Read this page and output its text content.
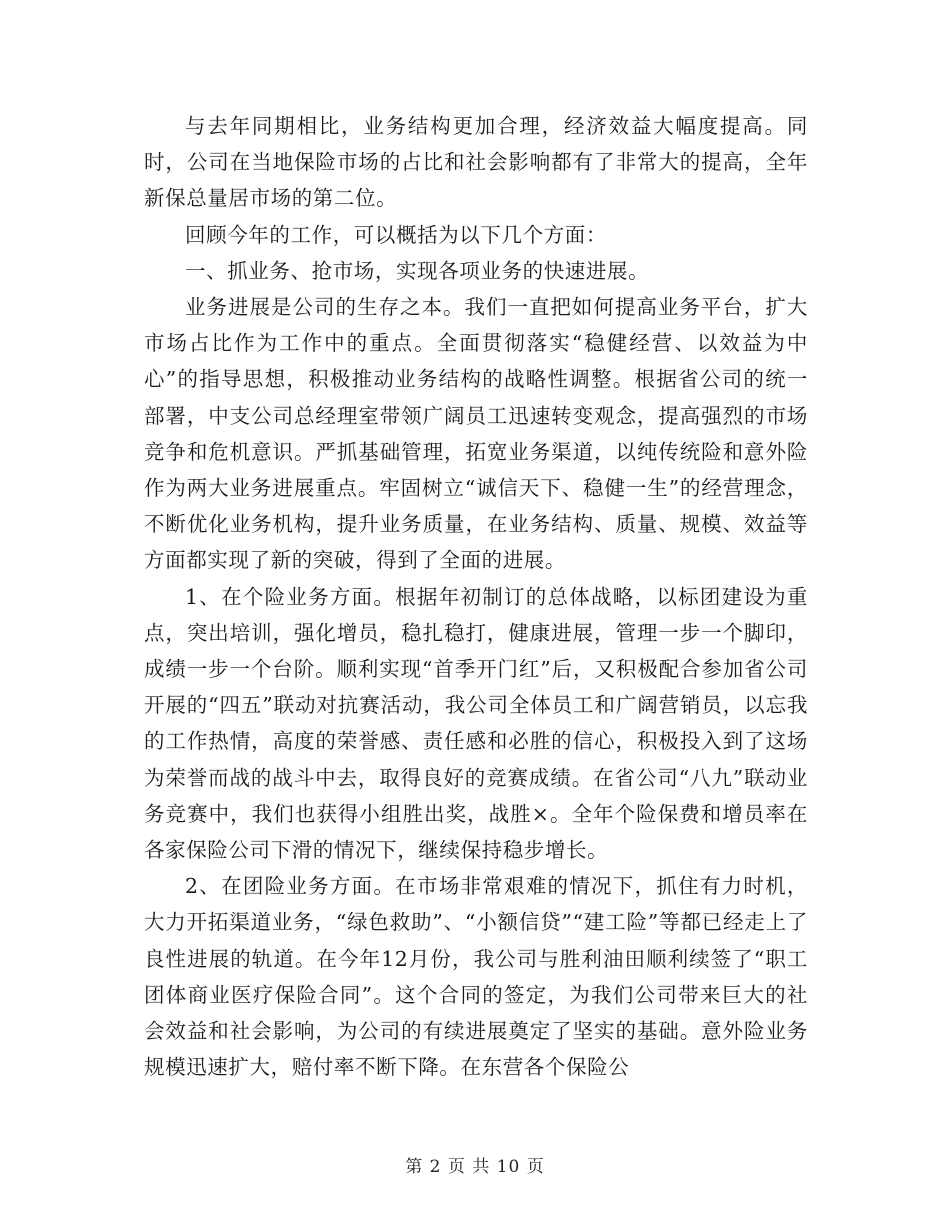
与去年同期相比，业务结构更加合理，经济效益大幅度提高。同时，公司在当地保险市场的占比和社会影响都有了非常大的提高，全年新保总量居市场的第二位。

回顾今年的工作，可以概括为以下几个方面：

一、抓业务、抢市场，实现各项业务的快速进展。

业务进展是公司的生存之本。我们一直把如何提高业务平台，扩大市场占比作为工作中的重点。全面贯彻落实“稳健经营、以效益为中心”的指导思想，积极推动业务结构的战略性调整。根据省公司的统一部署，中支公司总经理室带领广阔员工迅速转变观念，提高强烈的市场竞争和危机意识。严抓基础管理，拓宽业务渠道，以纯传统险和意外险作为两大业务进展重点。牢固树立“诚信天下、稳健一生”的经营理念，不断优化业务机构，提升业务质量，在业务结构、质量、规模、效益等方面都实现了新的突破，得到了全面的进展。

1、在个险业务方面。根据年初制订的总体战略，以标团建设为重点，突出培训，强化增员，稳扎稳打，健康进展，管理一步一个脚印，成绩一步一个台阶。顺利实现“首季开门红”后，又积极配合参加省公司开展的“四五”联动对抗赛活动，我公司全体员工和广阔营销员，以忘我的工作热情，高度的荣誉感、责任感和必胜的信心，积极投入到了这场为荣誉而战的战斗中去，取得良好的竞赛成绩。在省公司“八九”联动业务竞赛中，我们也获得小组胜出奖，战胜×。全年个险保费和增员率在各家保险公司下滑的情况下，继续保持稳步增长。

2、在团险业务方面。在市场非常艰难的情况下，抓住有力时机，大力开拓渠道业务，“绿色救助”、“小额信贷”“建工险”等都已经走上了良性进展的轨道。在今年12月份，我公司与胜利油田顺利续签了“职工团体商业医疗保险合同”。这个合同的签定，为我们公司带来巨大的社会效益和社会影响，为公司的有续进展奠定了坚实的基础。意外险业务规模迅速扩大，赔付率不断下降。在东营各个保险公

第 2 页 共 10 页
